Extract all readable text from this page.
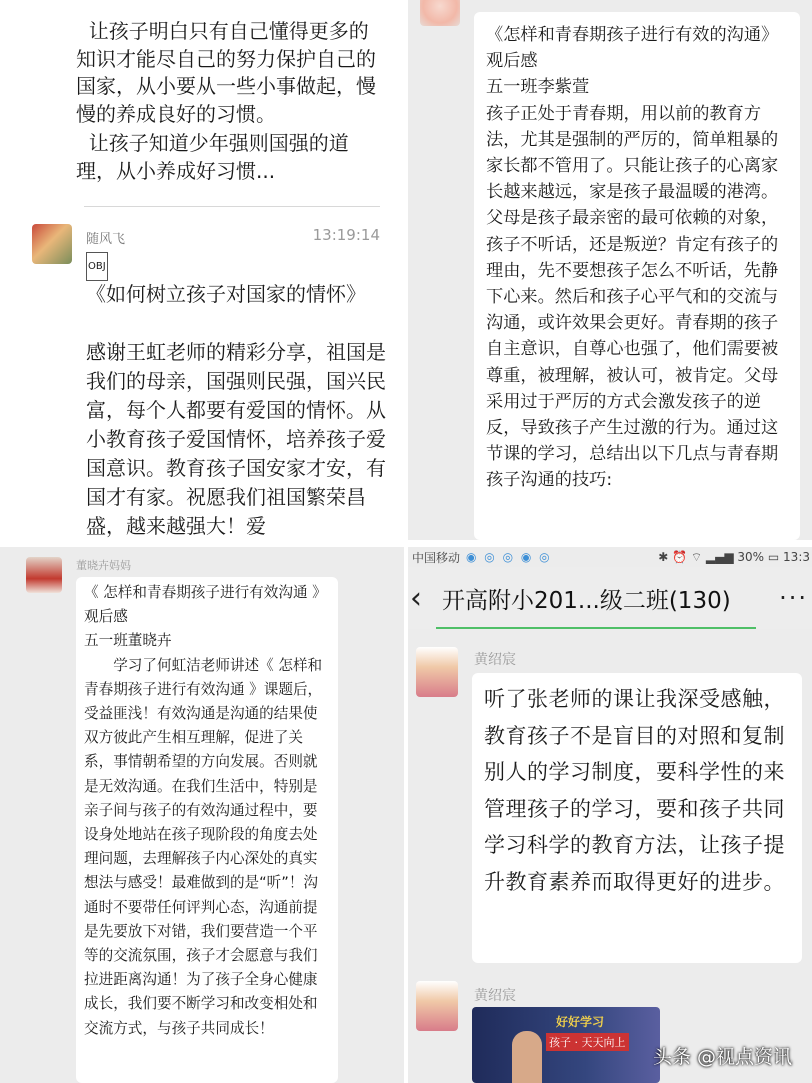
让孩子明白只有自己懂得更多的知识才能尽自己的努力保护自己的国家，从小要从一些小事做起，慢慢的养成良好的习惯。
让孩子知道少年强则国强的道理，从小养成好习惯...
随风飞	13:19:14
OBJ《如何树立孩子对国家的情怀》
感谢王虹老师的精彩分享，祖国是我们的母亲，国强则民强，国兴民富，每个人都要有爱国的情怀。从小教育孩子爱国情怀，培养孩子爱国意识。教育孩子国安家才安，有国才有家。祝愿我们祖国繁荣昌盛，越来越强大！爱
《怎样和青春期孩子进行有效的沟通》观后感
五一班李紫萱
孩子正处于青春期，用以前的教育方法，尤其是强制的严厉的，简单粗暴的家长都不管用了。只能让孩子的心离家长越来越远，家是孩子最温暖的港湾。父母是孩子最亲密的最可依赖的对象，孩子不听话，还是叛逆？肯定有孩子的理由，先不要想孩子怎么不听话，先静下心来。然后和孩子心平气和的交流与沟通，或许效果会更好。青春期的孩子自主意识，自尊心也强了，他们需要被尊重，被理解，被认可，被肯定。父母采用过于严厉的方式会激发孩子的逆反，导致孩子产生过激的行为。通过这节课的学习，总结出以下几点与青春期孩子沟通的技巧:
董晓卉妈妈
《 怎样和青春期孩子进行有效沟通 》观后感
五一班董晓卉
　　学习了何虹洁老师讲述《 怎样和青春期孩子进行有效沟通 》课题后，受益匪浅！有效沟通是沟通的结果使双方彼此产生相互理解，促进了关系，事情朝希望的方向发展。否则就是无效沟通。在我们生活中，特别是亲子间与孩子的有效沟通过程中，要设身处地站在孩子现阶段的角度去处理问题，去理解孩子内心深处的真实想法与感受！最难做到的是“听”！沟通时不要带任何评判心态，沟通前提是先要放下对错，我们要营造一个平等的交流氛围，孩子才会愿意与我们拉进距离沟通！为了孩子全身心健康成长，我们要不断学习和改变相处和交流方式，与孩子共同成长！
中国移动 ◉ ◎ ◎ ◉ ◎	✱ ⏰ ⌔ ▂▄▆ 30% ▭ 13:3
‹ 开高附小201...级二班(130) ···
黄绍宸
听了张老师的课让我深受感触，教育孩子不是盲目的对照和复制别人的学习制度，要科学性的来管理孩子的学习，要和孩子共同学习科学的教育方法，让孩子提升教育素养而取得更好的进步。
黄绍宸
好好学习
孩子 · 天天向上
头条 @视点资讯
